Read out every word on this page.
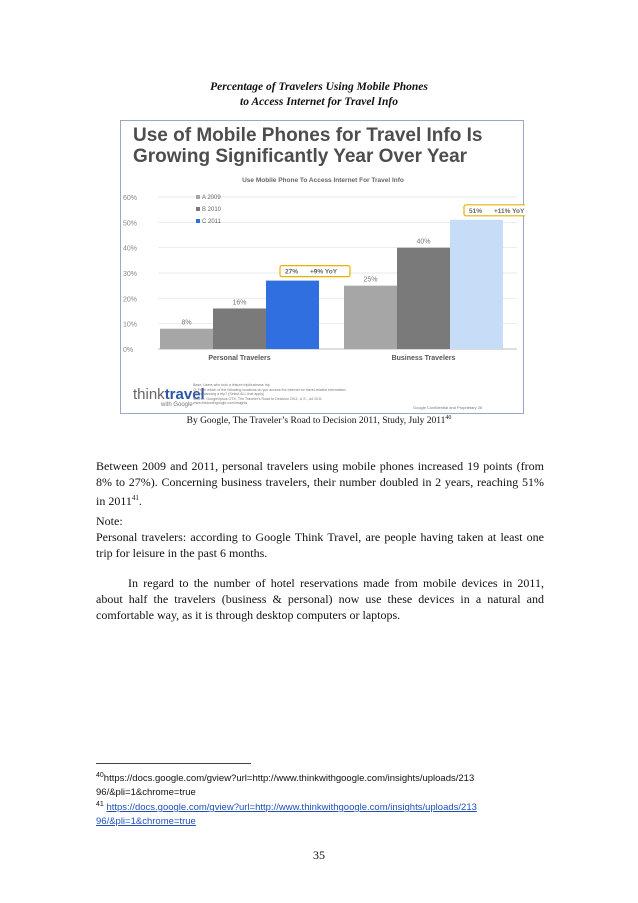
Percentage of Travelers Using Mobile Phones
to Access Internet for Travel Info
Use of Mobile Phones for Travel Info Is
Growing Significantly Year Over Year
Use Mobile Phone To Access Internet For Travel Info
0%
10%
20%
30%
40%
50%
60%
8%
16%
27% +9% YoY
Personal Travelers
25%
40%
51% +11% YoY
Business Travelers
A 2009
B 2010
C 2011
thinktravel
with Google
Base: Users who took a leisure trip/business trip
Q: From which of the following locations do you access the Internet for travel-related information
when planning a trip? (Select ALL that apply)
Source: Google/Ipsos OTX, The Traveler's Road to Decision 2011, U.S., Jul 2011
www.thinkwithgoogle.com/insights
Google Confidential and Proprietary 26
By Google, The Traveler’s Road to Decision 2011, Study, July 2011$^{40}$
Between 2009 and 2011, personal travelers using mobile phones increased 19 points (from 8% to 27%). Concerning business travelers, their number doubled in 2 years, reaching 51% in 2011$^{41}$.
Note:
Personal travelers: according to Google Think Travel, are people having taken at least one trip for leisure in the past 6 months.
In regard to the number of hotel reservations made from mobile devices in 2011, about half the travelers (business & personal) now use these devices in a natural and comfortable way, as it is through desktop computers or laptops.
$^{40}$https://docs.google.com/gview?url=http://www.thinkwithgoogle.com/insights/uploads/213
96/&pli=1&chrome=true
$^{41}$ https://docs.google.com/gview?url=http://www.thinkwithgoogle.com/insights/uploads/213
96/&pli=1&chrome=true
35
